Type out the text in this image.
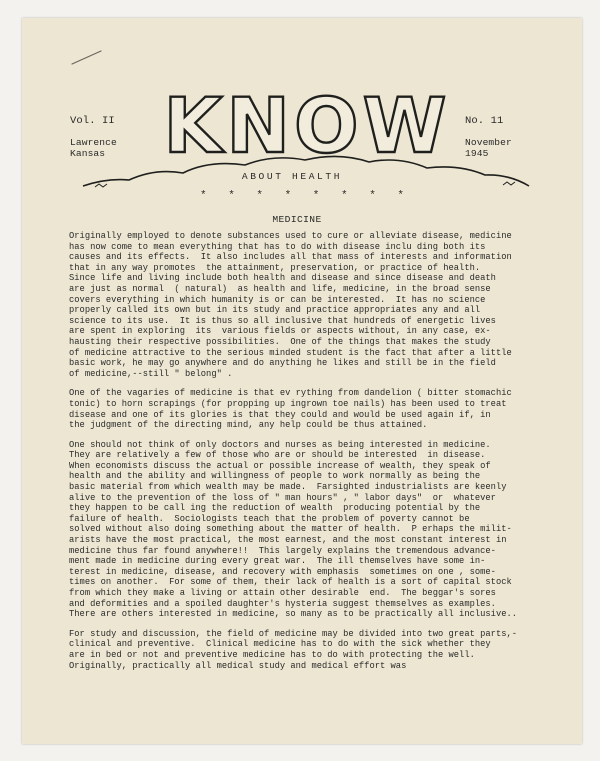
KNOW
Vol. II
Lawrence
Kansas
No. 11
November
1945
ABOUT HEALTH
* * * * * * * *
MEDICINE

Originally employed to denote substances used to cure or alleviate disease, medicine
has now come to mean everything that has to do with disease inclu ding both its
causes and its effects.  It also includes all that mass of interests and information
that in any way promotes  the attainment, preservation, or practice of health.
Since life and living include both health and disease and since disease and death
are just as normal  ( natural)  as health and life, medicine, in the broad sense
covers everything in which humanity is or can be interested.  It has no science
properly called its own but in its study and practice appropriates any and all
science to its use.  It is thus so all inclusive that hundreds of energetic lives
are spent in exploring  its  various fields or aspects without, in any case, ex-
hausting their respective possibilities.  One of the things that makes the study
of medicine attractive to the serious minded student is the fact that after a little
basic work, he may go anywhere and do anything he likes and still be in the field
of medicine,--still " belong" .

One of the vagaries of medicine is that ev rything from dandelion ( bitter stomachic
tonic) to horn scrapings (for propping up ingrown toe nails) has been used to treat
disease and one of its glories is that they could and would be used again if, in
the judgment of the directing mind, any help could be thus attained.

One should not think of only doctors and nurses as being interested in medicine.
They are relatively a few of those who are or should be interested  in disease.
When economists discuss the actual or possible increase of wealth, they speak of
health and the ability and willingness of people to work normally as being the
basic material from which wealth may be made.  Farsighted industrialists are keenly
alive to the prevention of the loss of " man hours" , " labor days"  or  whatever
they happen to be call ing the reduction of wealth  producing potential by the
failure of health.  Sociologists teach that the problem of poverty cannot be
solved without also doing something about the matter of health.  P erhaps the milit-
arists have the most practical, the most earnest, and the most constant interest in
medicine thus far found anywhere!!  This largely explains the tremendous advance-
ment made in medicine during every great war.  The ill themselves have some in-
terest in medicine, disease, and recovery with emphasis  sometimes on one , some-
times on another.  For some of them, their lack of health is a sort of capital stock
from which they make a living or attain other desirable  end.  The beggar's sores
and deformities and a spoiled daughter's hysteria suggest themselves as examples.
There are others interested in medicine, so many as to be practically all inclusive..

For study and discussion, the field of medicine may be divided into two great parts,-
clinical and preventive.  Clinical medicine has to do with the sick whether they
are in bed or not and preventive medicine has to do with protecting the well.
Originally, practically all medical study and medical effort was
